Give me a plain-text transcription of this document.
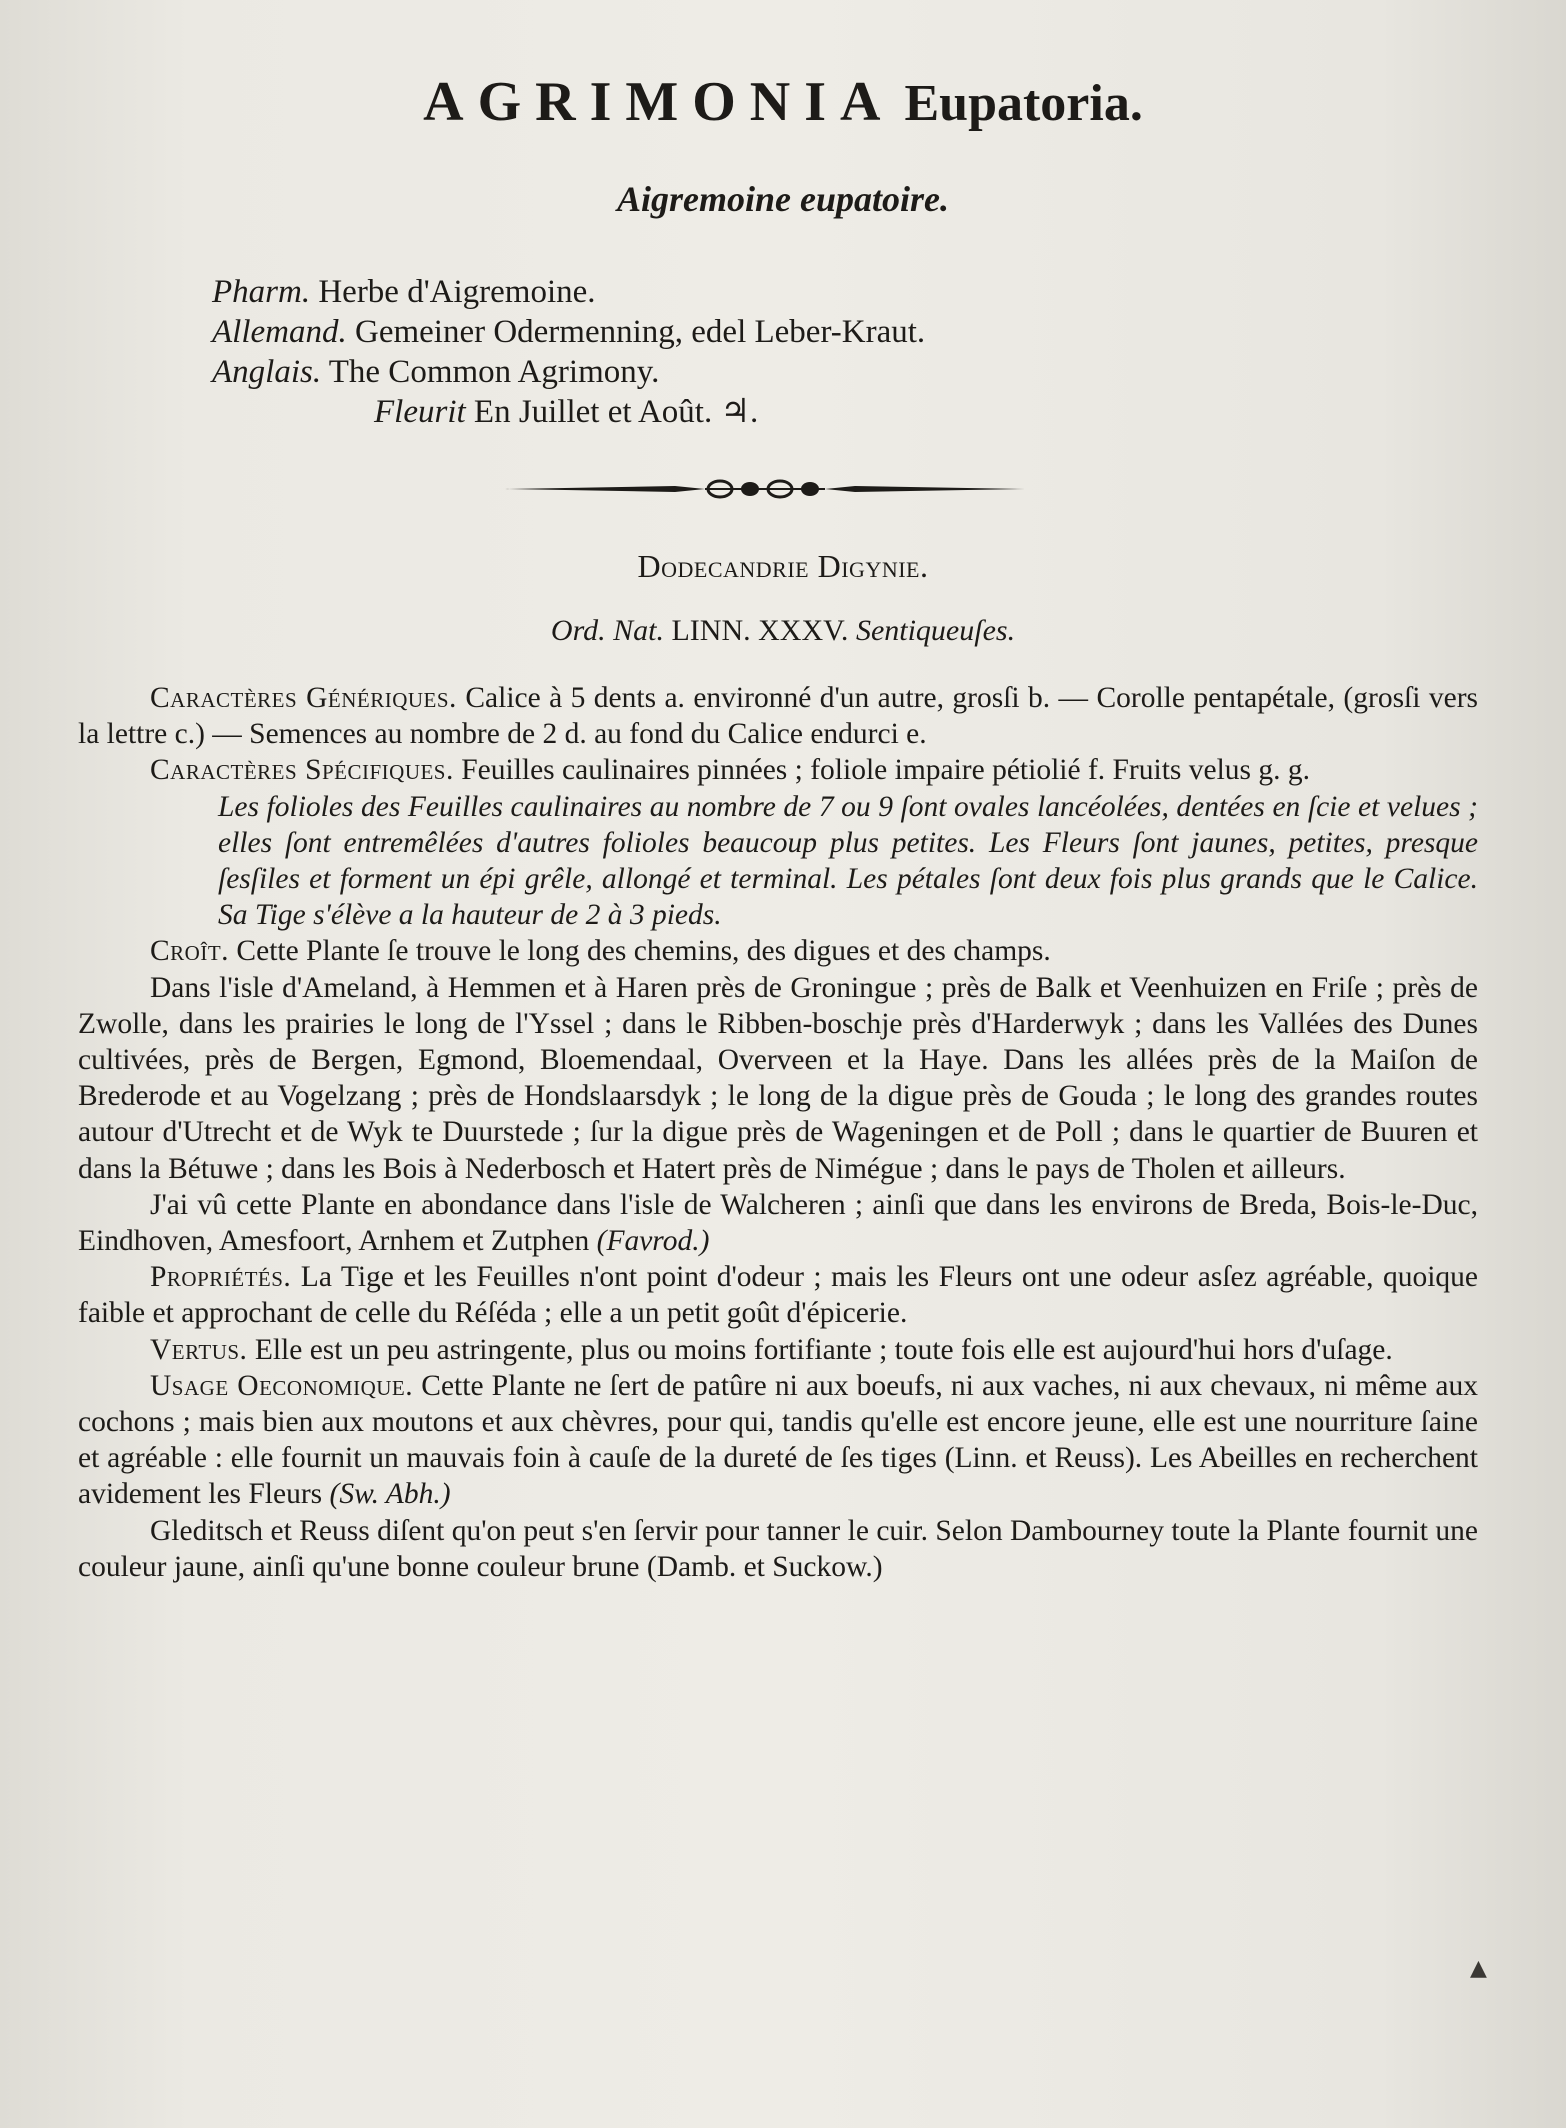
AGRIMONIA Eupatoria.
Aigremoine eupatoire.
Pharm. Herbe d'Aigremoine.
Allemand. Gemeiner Odermenning, edel Leber-Kraut.
Anglais. The Common Agrimony.
Fleurit En Juillet et Août. ♃.
Dodecandrie Digynie.
Ord. Nat. LINN. XXXV. Sentiqueuſes.

Caractères Génériques. Calice à 5 dents a. environné d'un autre, grosſi b. — Corolle pentapétale, (grosſi vers la lettre c.) — Semences au nombre de 2 d. au fond du Calice endurci e.

Caractères Spécifiques. Feuilles caulinaires pinnées ; foliole impaire pétiolié f. Fruits velus g. g.

Les folioles des Feuilles caulinaires au nombre de 7 ou 9 ſont ovales lancéolées, dentées en ſcie et velues ; elles ſont entremêlées d'autres folioles beaucoup plus petites. Les Fleurs ſont jaunes, petites, presque ſesſiles et forment un épi grêle, allongé et terminal. Les pétales ſont deux fois plus grands que le Calice. Sa Tige s'élève a la hauteur de 2 à 3 pieds.

Croît. Cette Plante ſe trouve le long des chemins, des digues et des champs.

Dans l'isle d'Ameland, à Hemmen et à Haren près de Groningue ; près de Balk et Veenhuizen en Friſe ; près de Zwolle, dans les prairies le long de l'Yssel ; dans le Ribben-boschje près d'Harderwyk ; dans les Vallées des Dunes cultivées, près de Bergen, Egmond, Bloemendaal, Overveen et la Haye. Dans les allées près de la Maiſon de Brederode et au Vogelzang ; près de Hondslaarsdyk ; le long de la digue près de Gouda ; le long des grandes routes autour d'Utrecht et de Wyk te Duurstede ; ſur la digue près de Wageningen et de Poll ; dans le quartier de Buuren et dans la Bétuwe ; dans les Bois à Nederbosch et Hatert près de Nimégue ; dans le pays de Tholen et ailleurs.

J'ai vû cette Plante en abondance dans l'isle de Walcheren ; ainſi que dans les environs de Breda, Bois-le-Duc, Eindhoven, Amesfoort, Arnhem et Zutphen (Favrod.)

Propriétés. La Tige et les Feuilles n'ont point d'odeur ; mais les Fleurs ont une odeur asſez agréable, quoique faible et approchant de celle du Réſéda ; elle a un petit goût d'épicerie.

Vertus. Elle est un peu astringente, plus ou moins fortifiante ; toute fois elle est aujourd'hui hors d'uſage.

Usage Oeconomique. Cette Plante ne ſert de patûre ni aux boeufs, ni aux vaches, ni aux chevaux, ni même aux cochons ; mais bien aux moutons et aux chèvres, pour qui, tandis qu'elle est encore jeune, elle est une nourriture ſaine et agréable : elle fournit un mauvais foin à cauſe de la dureté de ſes tiges (Linn. et Reuss). Les Abeilles en recherchent avidement les Fleurs (Sw. Abh.)

Gleditsch et Reuss diſent qu'on peut s'en ſervir pour tanner le cuir. Selon Dambourney toute la Plante fournit une couleur jaune, ainſi qu'une bonne couleur brune (Damb. et Suckow.)

▲
